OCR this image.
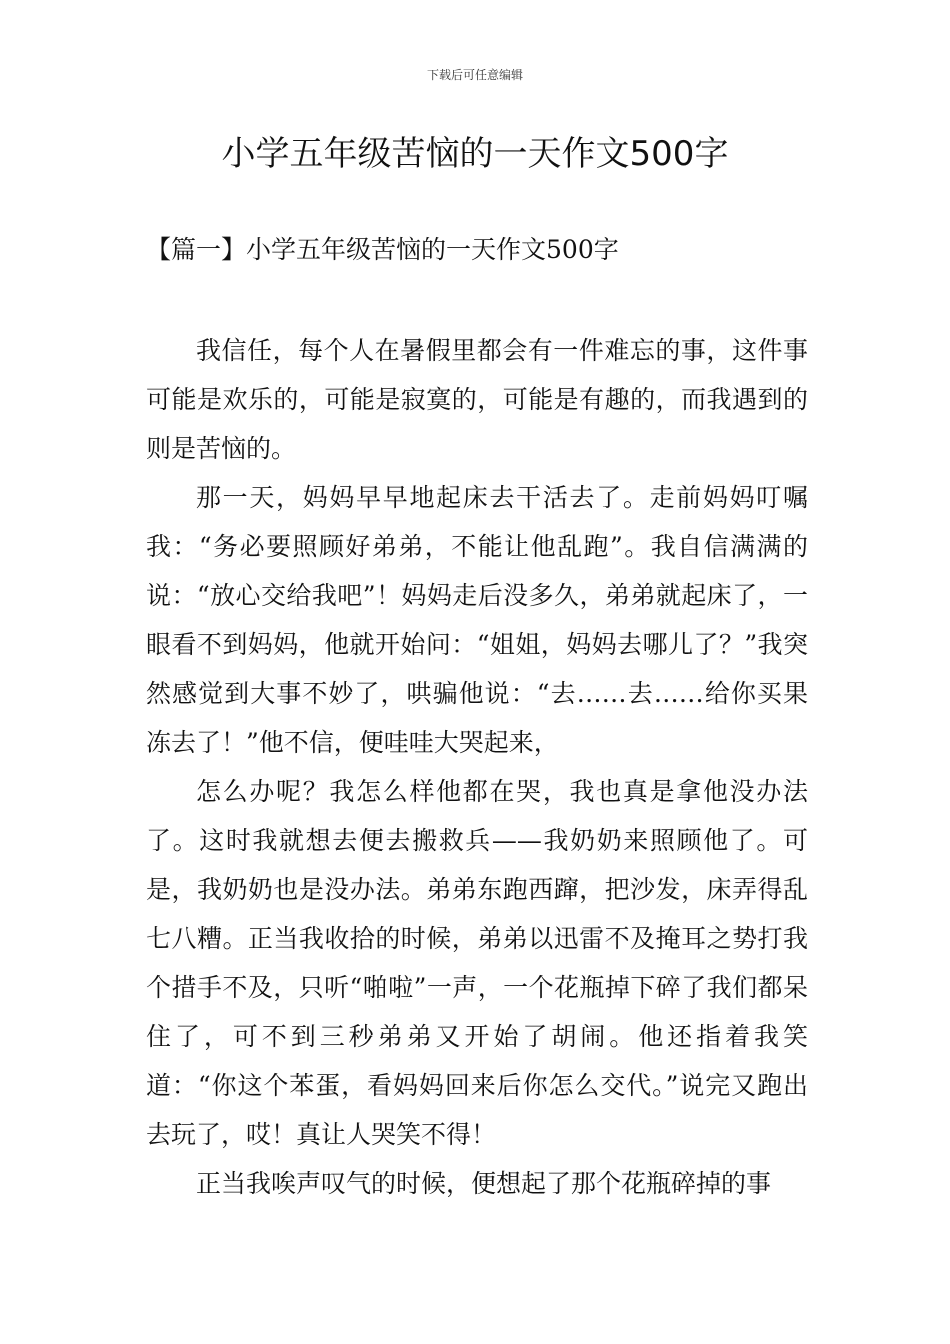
下载后可任意编辑
小学五年级苦恼的一天作文500字
【篇一】小学五年级苦恼的一天作文500字

我信任，每个人在暑假里都会有一件难忘的事，这件事可能是欢乐的，可能是寂寞的，可能是有趣的，而我遇到的则是苦恼的。

那一天，妈妈早早地起床去干活去了。走前妈妈叮嘱我：“务必要照顾好弟弟，不能让他乱跑”。我自信满满的说：“放心交给我吧”！妈妈走后没多久，弟弟就起床了，一眼看不到妈妈，他就开始问：“姐姐，妈妈去哪儿了？”我突然感觉到大事不妙了，哄骗他说：“去……去……给你买果冻去了！”他不信，便哇哇大哭起来，

怎么办呢？我怎么样他都在哭，我也真是拿他没办法了。这时我就想去便去搬救兵——我奶奶来照顾他了。可是，我奶奶也是没办法。弟弟东跑西蹿，把沙发，床弄得乱七八糟。正当我收拾的时候，弟弟以迅雷不及掩耳之势打我个措手不及，只听“啪啦”一声，一个花瓶掉下碎了我们都呆住了，可不到三秒弟弟又开始了胡闹。他还指着我笑道：“你这个苯蛋，看妈妈回来后你怎么交代。”说完又跑出去玩了，哎！真让人哭笑不得！

正当我唉声叹气的时候，便想起了那个花瓶碎掉的事
